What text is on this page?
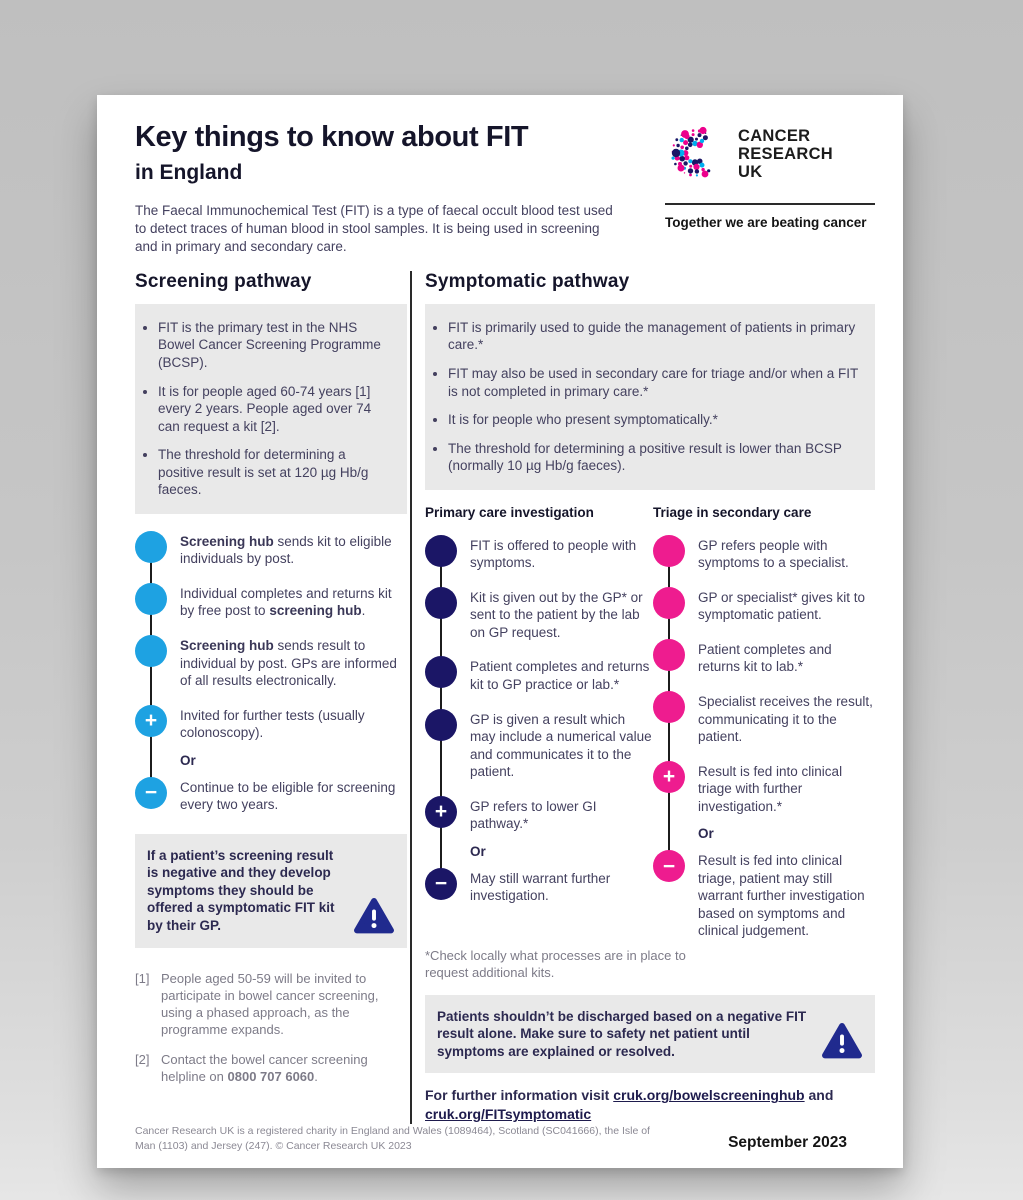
Key things to know about FIT
in England

The Faecal Immunochemical Test (FIT) is a type of faecal occult blood test used to detect traces of human blood in stool samples. It is being used in screening and in primary and secondary care.

CANCER
RESEARCH
UK
Together we are beating cancer
Screening pathway
• FIT is the primary test in the NHS Bowel Cancer Screening Programme (BCSP).
• It is for people aged 60-74 years [1] every 2 years. People aged over 74 can request a kit [2].
• The threshold for determining a positive result is set at 120 µg Hb/g faeces.
Screening hub sends kit to eligible individuals by post.
Individual completes and returns kit by free post to screening hub.
Screening hub sends result to individual by post. GPs are informed of all results electronically.
+	Invited for further tests (usually colonoscopy).
Or
−	Continue to be eligible for screening every two years.

If a patient’s screening result is negative and they develop symptoms they should be offered a symptomatic FIT kit by their GP.

[1] People aged 50-59 will be invited to participate in bowel cancer screening, using a phased approach, as the programme expands.
[2] Contact the bowel cancer screening helpline on 0800 707 6060.
Symptomatic pathway
• FIT is primarily used to guide the management of patients in primary care.*
• FIT may also be used in secondary care for triage and/or when a FIT is not completed in primary care.*
• It is for people who present symptomatically.*
• The threshold for determining a positive result is lower than BCSP (normally 10 µg Hb/g faeces).
Primary care investigation
FIT is offered to people with symptoms.
Kit is given out by the GP* or sent to the patient by the lab on GP request.
Patient completes and returns kit to GP practice or lab.*
GP is given a result which may include a numerical value and communicates it to the patient.
+	GP refers to lower GI pathway.*
Or
−	May still warrant further investigation.
Triage in secondary care
GP refers people with symptoms to a specialist.
GP or specialist* gives kit to symptomatic patient.
Patient completes and returns kit to lab.*
Specialist receives the result, communicating it to the patient.
+	Result is fed into clinical triage with further investigation.*
Or
−	Result is fed into clinical triage, patient may still warrant further investigation based on symptoms and clinical judgement.

*Check locally what processes are in place to request additional kits.

Patients shouldn’t be discharged based on a negative FIT result alone. Make sure to safety net patient until symptoms are explained or resolved.

For further information visit cruk.org/bowelscreeninghub and cruk.org/FITsymptomatic

Cancer Research UK is a registered charity in England and Wales (1089464), Scotland (SC041666), the Isle of Man (1103) and Jersey (247). © Cancer Research UK 2023	September 2023
